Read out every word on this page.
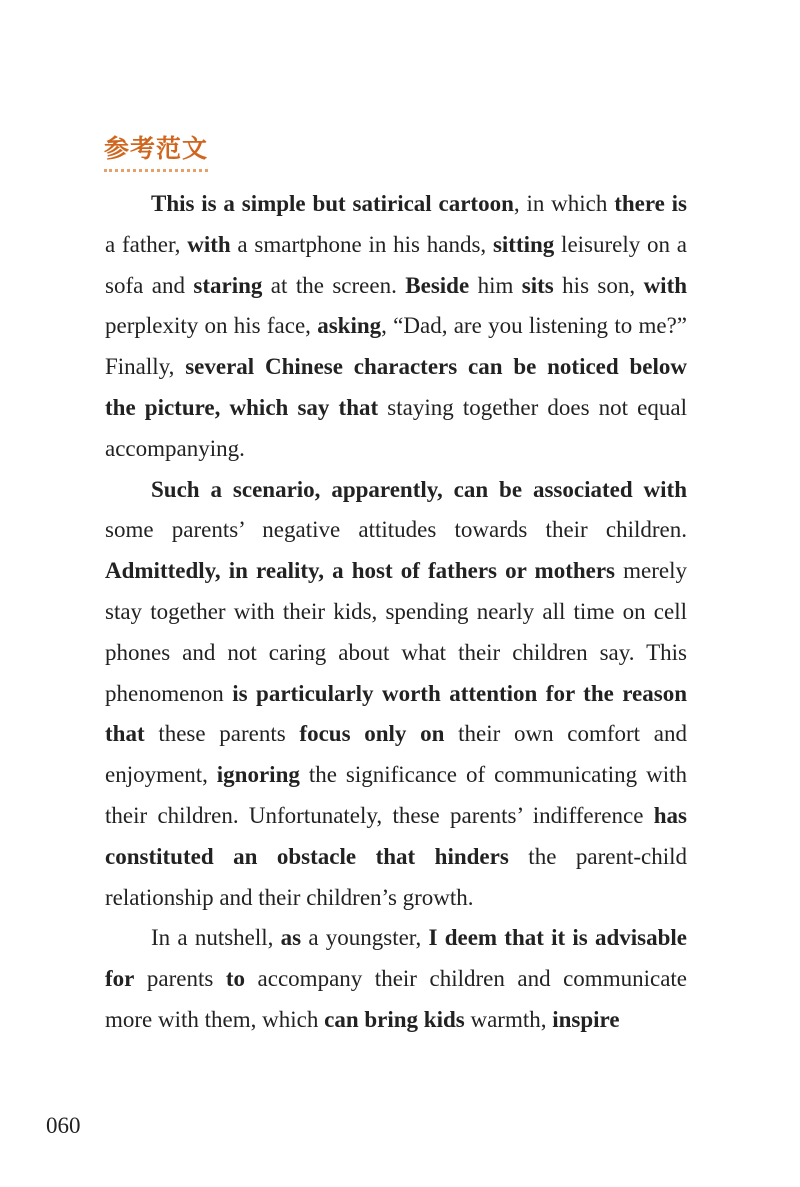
参考范文

This is a simple but satirical cartoon, in which there is a father, with a smartphone in his hands, sitting leisurely on a sofa and staring at the screen. Beside him sits his son, with perplexity on his face, asking, “Dad, are you listening to me?” Finally, several Chinese characters can be noticed below the picture, which say that staying together does not equal accompanying.

Such a scenario, apparently, can be associated with some parents’ negative attitudes towards their children. Admittedly, in reality, a host of fathers or mothers merely stay together with their kids, spending nearly all time on cell phones and not caring about what their children say. This phenomenon is particularly worth attention for the reason that these parents focus only on their own comfort and enjoyment, ignoring the significance of communicating with their children. Unfortunately, these parents’ indifference has constituted an obstacle that hinders the parent-child relationship and their children’s growth.

In a nutshell, as a youngster, I deem that it is advisable for parents to accompany their children and communicate more with them, which can bring kids warmth, inspire

060
